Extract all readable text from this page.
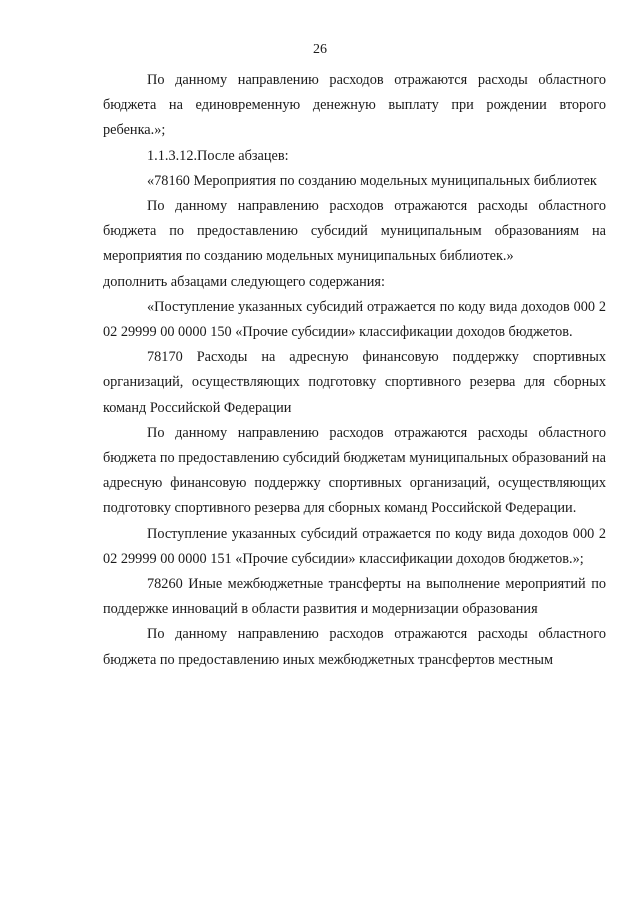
26

По данному направлению расходов отражаются расходы областного бюджета на единовременную денежную выплату при рождении второго ребенка.»;

1.1.3.12.После абзацев:

«78160 Мероприятия по созданию модельных муниципальных библиотек

По данному направлению расходов отражаются расходы областного бюджета по предоставлению субсидий муниципальным образованиям на мероприятия по созданию модельных муниципальных библиотек.»

дополнить абзацами следующего содержания:

«Поступление указанных субсидий отражается по коду вида доходов 000 2 02 29999 00 0000 150 «Прочие субсидии» классификации доходов бюджетов.

78170 Расходы на адресную финансовую поддержку спортивных организаций, осуществляющих подготовку спортивного резерва для сборных команд Российской Федерации

По данному направлению расходов отражаются расходы областного бюджета по предоставлению субсидий бюджетам муниципальных образований на адресную финансовую поддержку спортивных организаций, осуществляющих подготовку спортивного резерва для сборных команд Российской Федерации.

Поступление указанных субсидий отражается по коду вида доходов 000 2 02 29999 00 0000 151 «Прочие субсидии» классификации доходов бюджетов.»;

78260 Иные межбюджетные трансферты на выполнение мероприятий по поддержке инноваций в области развития и модернизации образования

По данному направлению расходов отражаются расходы областного бюджета по предоставлению иных межбюджетных трансфертов местным
